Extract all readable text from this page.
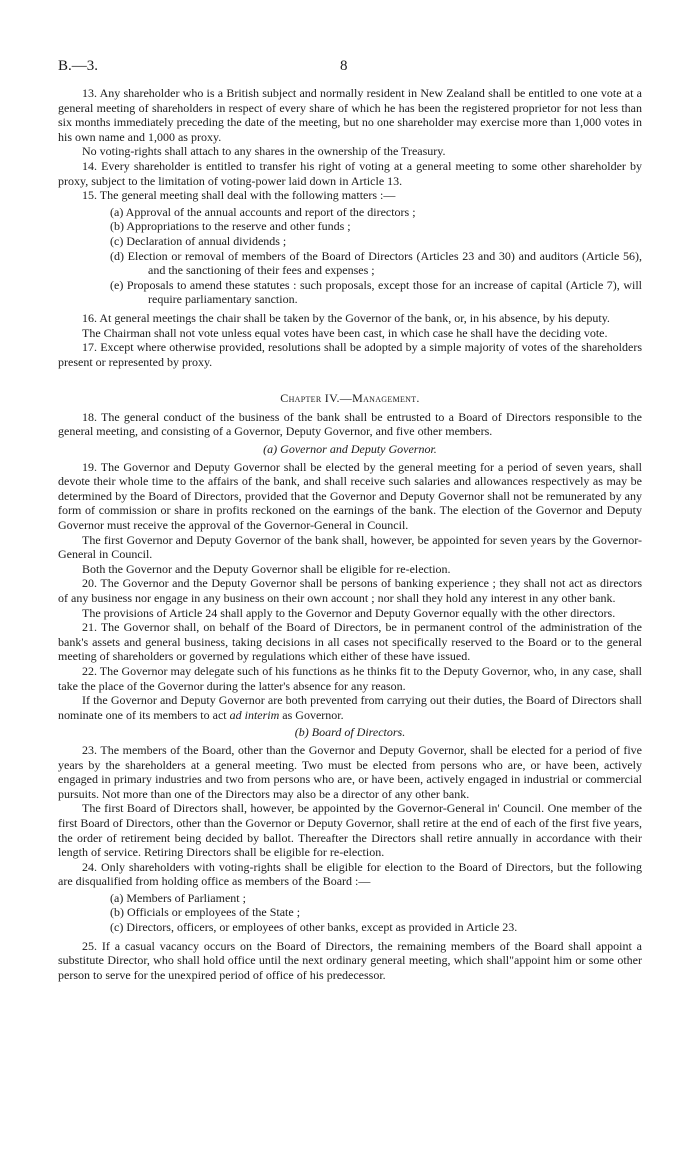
B.—3.	8

13. Any shareholder who is a British subject and normally resident in New Zealand shall be entitled to one vote at a general meeting of shareholders in respect of every share of which he has been the registered proprietor for not less than six months immediately preceding the date of the meeting, but no one shareholder may exercise more than 1,000 votes in his own name and 1,000 as proxy.

No voting-rights shall attach to any shares in the ownership of the Treasury.

14. Every shareholder is entitled to transfer his right of voting at a general meeting to some other shareholder by proxy, subject to the limitation of voting-power laid down in Article 13.

15. The general meeting shall deal with the following matters :—

(a) Approval of the annual accounts and report of the directors ;

(b) Appropriations to the reserve and other funds ;

(c) Declaration of annual dividends ;

(d) Election or removal of members of the Board of Directors (Articles 23 and 30) and auditors (Article 56), and the sanctioning of their fees and expenses ;

(e) Proposals to amend these statutes : such proposals, except those for an increase of capital (Article 7), will require parliamentary sanction.

16. At general meetings the chair shall be taken by the Governor of the bank, or, in his absence, by his deputy.

The Chairman shall not vote unless equal votes have been cast, in which case he shall have the deciding vote.

17. Except where otherwise provided, resolutions shall be adopted by a simple majority of votes of the shareholders present or represented by proxy.

Chapter IV.—Management.

18. The general conduct of the business of the bank shall be entrusted to a Board of Directors responsible to the general meeting, and consisting of a Governor, Deputy Governor, and five other members.

(a) Governor and Deputy Governor.

19. The Governor and Deputy Governor shall be elected by the general meeting for a period of seven years, shall devote their whole time to the affairs of the bank, and shall receive such salaries and allowances respectively as may be determined by the Board of Directors, provided that the Governor and Deputy Governor shall not be remunerated by any form of commission or share in profits reckoned on the earnings of the bank. The election of the Governor and Deputy Governor must receive the approval of the Governor-General in Council.

The first Governor and Deputy Governor of the bank shall, however, be appointed for seven years by the Governor-General in Council.

Both the Governor and the Deputy Governor shall be eligible for re-election.

20. The Governor and the Deputy Governor shall be persons of banking experience ; they shall not act as directors of any business nor engage in any business on their own account ; nor shall they hold any interest in any other bank.

The provisions of Article 24 shall apply to the Governor and Deputy Governor equally with the other directors.

21. The Governor shall, on behalf of the Board of Directors, be in permanent control of the administration of the bank's assets and general business, taking decisions in all cases not specifically reserved to the Board or to the general meeting of shareholders or governed by regulations which either of these have issued.

22. The Governor may delegate such of his functions as he thinks fit to the Deputy Governor, who, in any case, shall take the place of the Governor during the latter's absence for any reason.

If the Governor and Deputy Governor are both prevented from carrying out their duties, the Board of Directors shall nominate one of its members to act ad interim as Governor.

(b) Board of Directors.

23. The members of the Board, other than the Governor and Deputy Governor, shall be elected for a period of five years by the shareholders at a general meeting. Two must be elected from persons who are, or have been, actively engaged in primary industries and two from persons who are, or have been, actively engaged in industrial or commercial pursuits. Not more than one of the Directors may also be a director of any other bank.

The first Board of Directors shall, however, be appointed by the Governor-General in' Council. One member of the first Board of Directors, other than the Governor or Deputy Governor, shall retire at the end of each of the first five years, the order of retirement being decided by ballot. Thereafter the Directors shall retire annually in accordance with their length of service. Retiring Directors shall be eligible for re-election.

24. Only shareholders with voting-rights shall be eligible for election to the Board of Directors, but the following are disqualified from holding office as members of the Board :—

(a) Members of Parliament ;

(b) Officials or employees of the State ;

(c) Directors, officers, or employees of other banks, except as provided in Article 23.

25. If a casual vacancy occurs on the Board of Directors, the remaining members of the Board shall appoint a substitute Director, who shall hold office until the next ordinary general meeting, which shall"appoint him or some other person to serve for the unexpired period of office of his predecessor.
